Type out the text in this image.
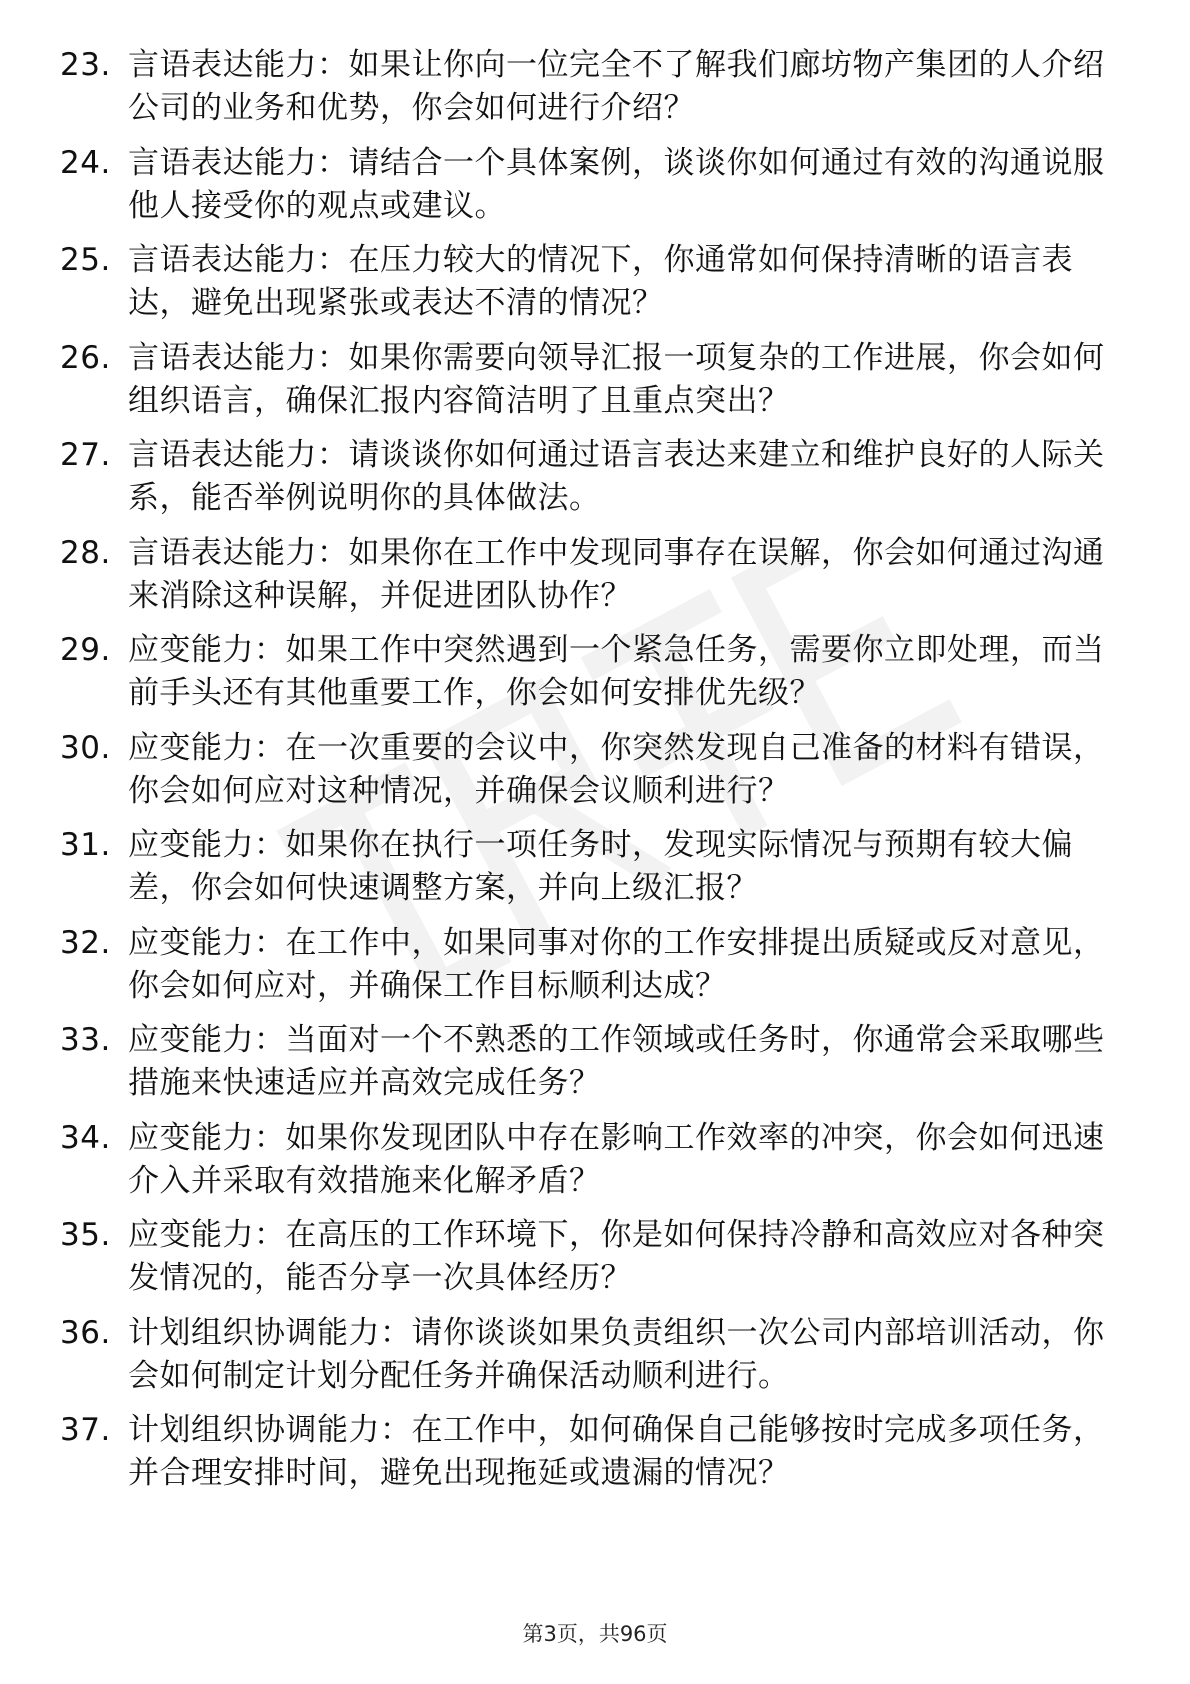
23. 言语表达能力：如果让你向一位完全不了解我们廊坊物产集团的人介绍公司的业务和优势，你会如何进行介绍？
24. 言语表达能力：请结合一个具体案例，谈谈你如何通过有效的沟通说服他人接受你的观点或建议。
25. 言语表达能力：在压力较大的情况下，你通常如何保持清晰的语言表达，避免出现紧张或表达不清的情况？
26. 言语表达能力：如果你需要向领导汇报一项复杂的工作进展，你会如何组织语言，确保汇报内容简洁明了且重点突出？
27. 言语表达能力：请谈谈你如何通过语言表达来建立和维护良好的人际关系，能否举例说明你的具体做法。
28. 言语表达能力：如果你在工作中发现同事存在误解，你会如何通过沟通来消除这种误解，并促进团队协作？
29. 应变能力：如果工作中突然遇到一个紧急任务，需要你立即处理，而当前手头还有其他重要工作，你会如何安排优先级？
30. 应变能力：在一次重要的会议中，你突然发现自己准备的材料有错误，你会如何应对这种情况，并确保会议顺利进行？
31. 应变能力：如果你在执行一项任务时，发现实际情况与预期有较大偏差，你会如何快速调整方案，并向上级汇报？
32. 应变能力：在工作中，如果同事对你的工作安排提出质疑或反对意见，你会如何应对，并确保工作目标顺利达成？
33. 应变能力：当面对一个不熟悉的工作领域或任务时，你通常会采取哪些措施来快速适应并高效完成任务？
34. 应变能力：如果你发现团队中存在影响工作效率的冲突，你会如何迅速介入并采取有效措施来化解矛盾？
35. 应变能力：在高压的工作环境下，你是如何保持冷静和高效应对各种突发情况的，能否分享一次具体经历？
36. 计划组织协调能力：请你谈谈如果负责组织一次公司内部培训活动，你会如何制定计划分配任务并确保活动顺利进行。
37. 计划组织协调能力：在工作中，如何确保自己能够按时完成多项任务，并合理安排时间，避免出现拖延或遗漏的情况？
第3页，共96页
